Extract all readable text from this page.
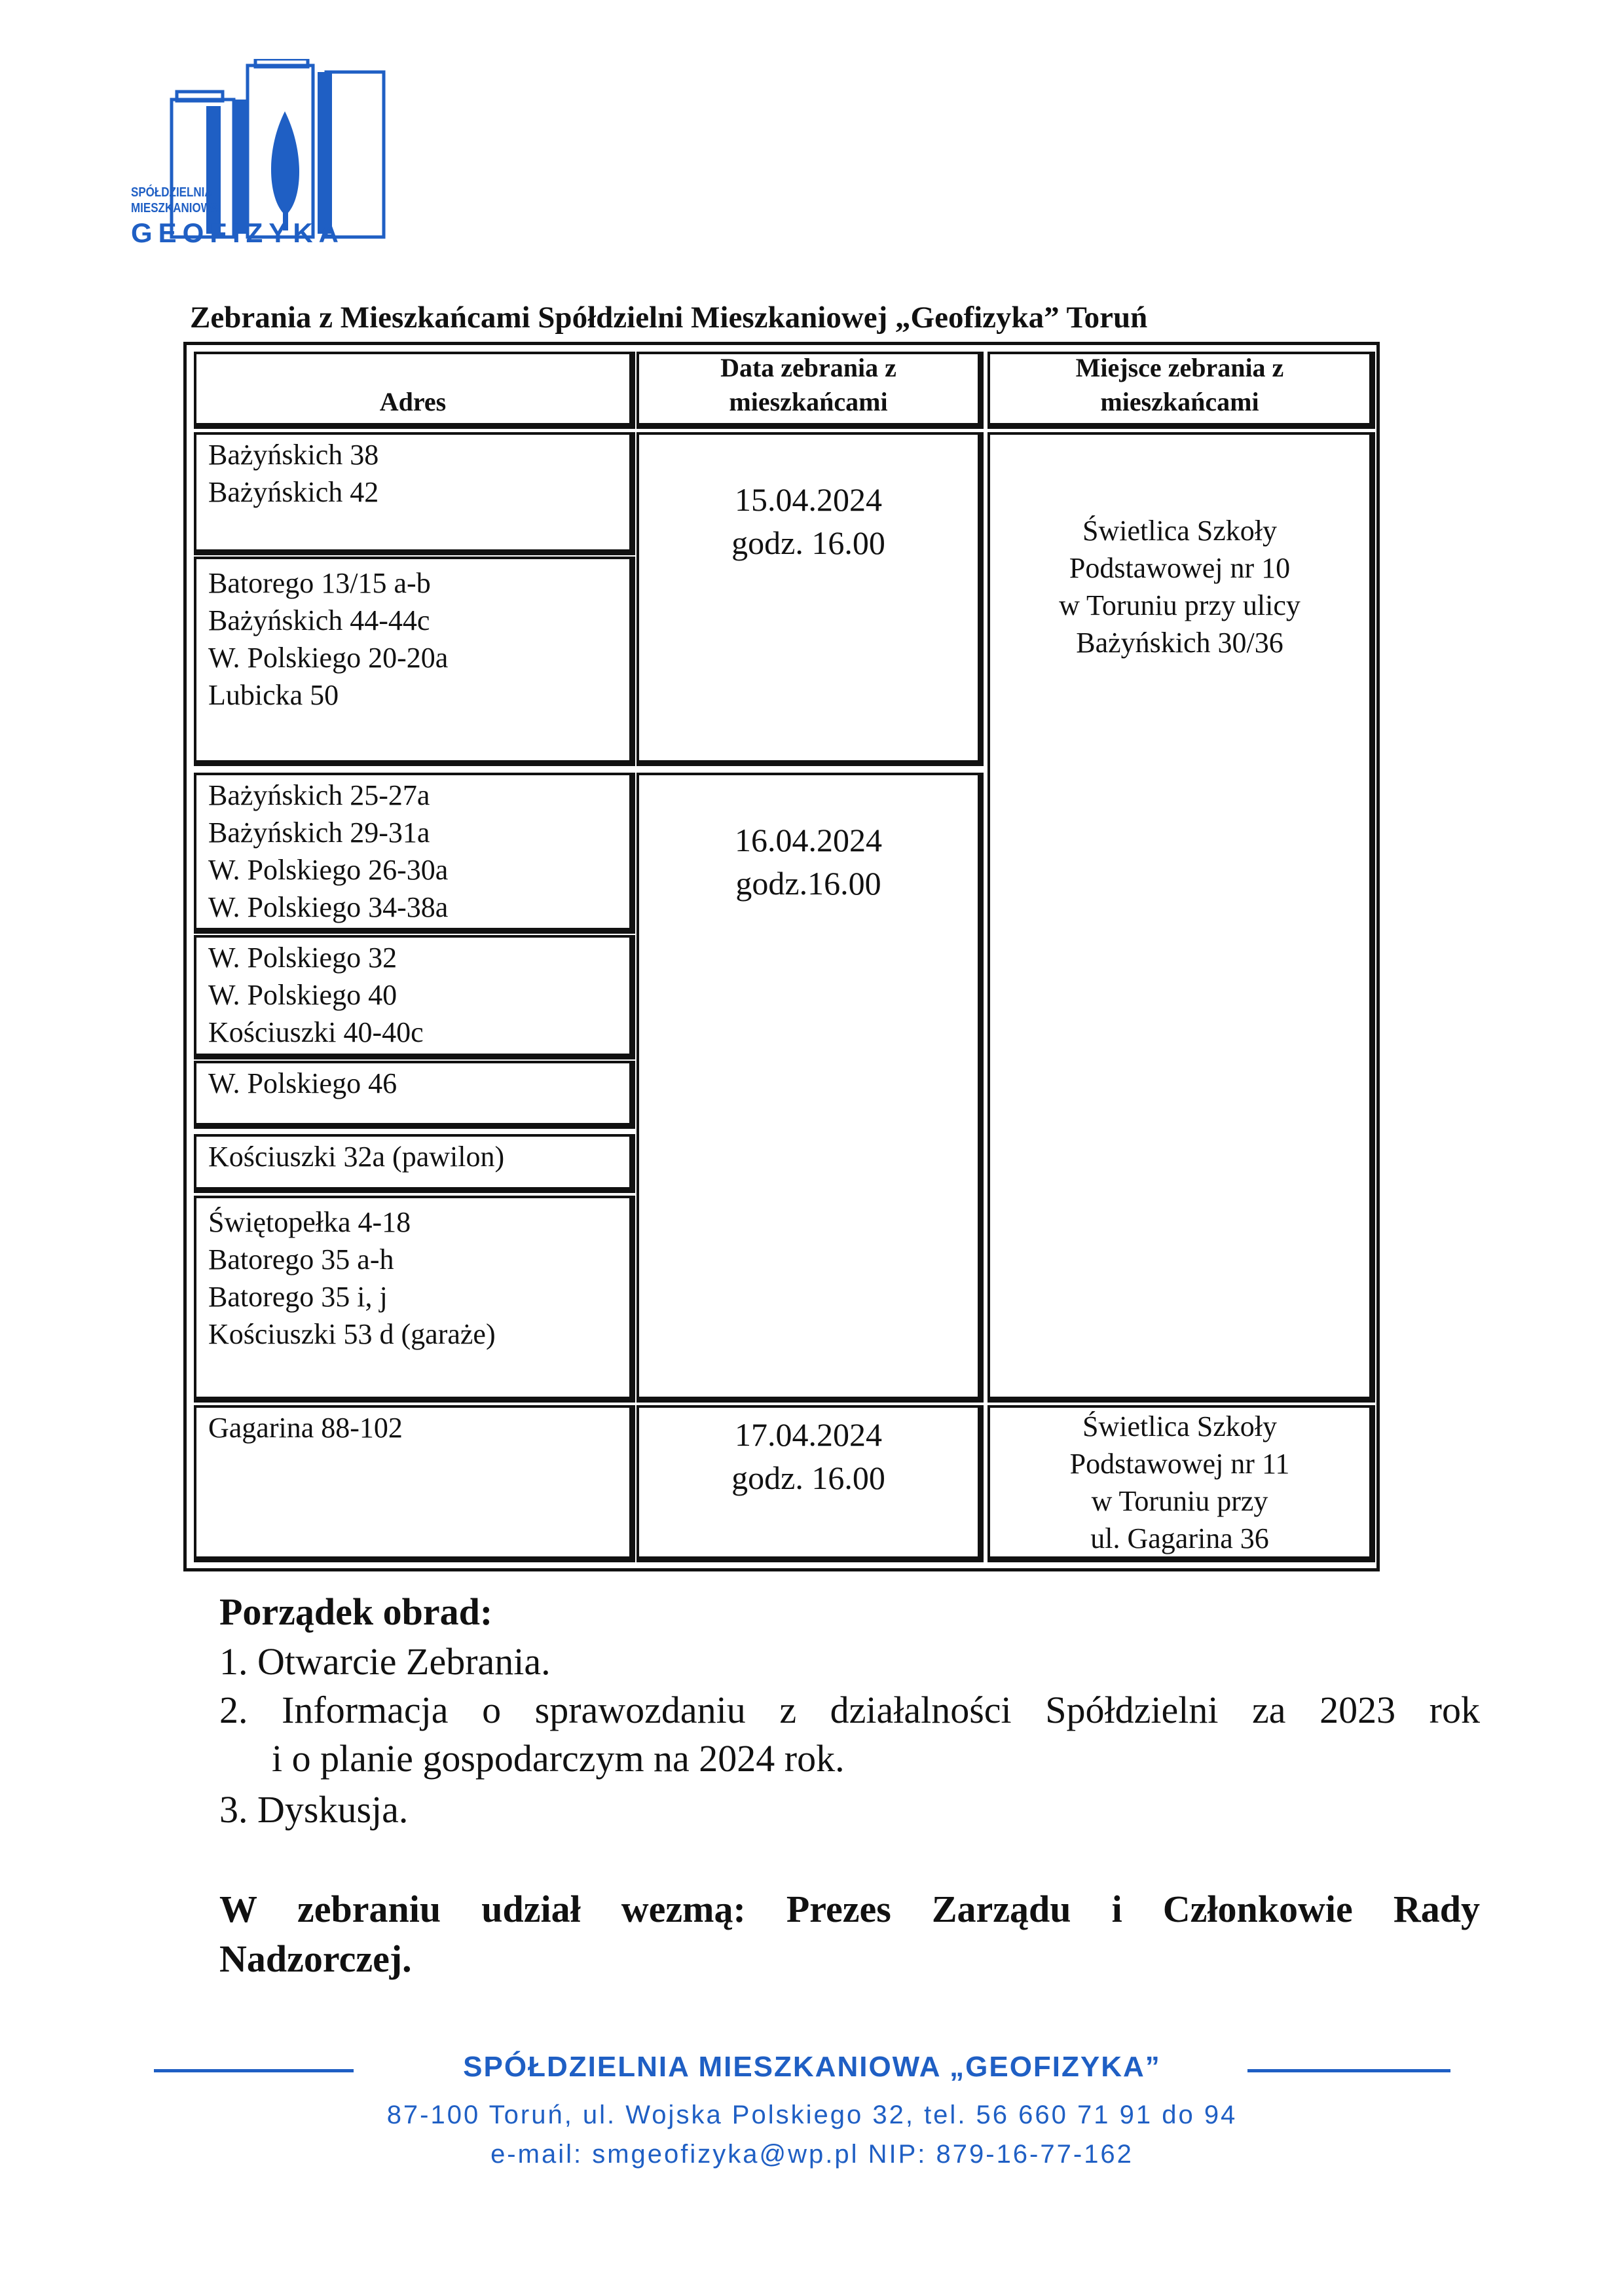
SPÓŁDZIELNIA
MIESZKANIOWA
GEOFIZYKA
Zebrania z Mieszkańcami Spółdzielni Mieszkaniowej „Geofizyka” Toruń
Adres
Data zebrania z
mieszkańcami
Miejsce zebrania z
mieszkańcami
Bażyńskich 38
Bażyńskich 42
Batorego 13/15 a-b
Bażyńskich 44-44c
W. Polskiego 20-20a
Lubicka 50
Bażyńskich 25-27a
Bażyńskich 29-31a
W. Polskiego 26-30a
W. Polskiego 34-38a
W. Polskiego 32
W. Polskiego 40
Kościuszki 40-40c
W. Polskiego 46
Kościuszki 32a (pawilon)
Świętopełka 4-18
Batorego 35 a-h
Batorego 35 i, j
Kościuszki 53 d (garaże)
Gagarina 88-102
15.04.2024
godz. 16.00
16.04.2024
godz.16.00
17.04.2024
godz. 16.00
Świetlica Szkoły
Podstawowej nr 10
w Toruniu przy ulicy
Bażyńskich 30/36
Świetlica Szkoły
Podstawowej nr 11
w Toruniu przy
ul. Gagarina 36
Porządek obrad:
1. Otwarcie Zebrania.
2. Informacja o sprawozdaniu z działalności Spółdzielni za 2023 rok
i o planie gospodarczym na 2024 rok.
3. Dyskusja.
W zebraniu udział wezmą: Prezes Zarządu i Członkowie Rady
Nadzorczej.
SPÓŁDZIELNIA MIESZKANIOWA „GEOFIZYKA”
87-100 Toruń, ul. Wojska Polskiego 32, tel. 56 660 71 91 do 94
e-mail: smgeofizyka@wp.pl NIP: 879-16-77-162
